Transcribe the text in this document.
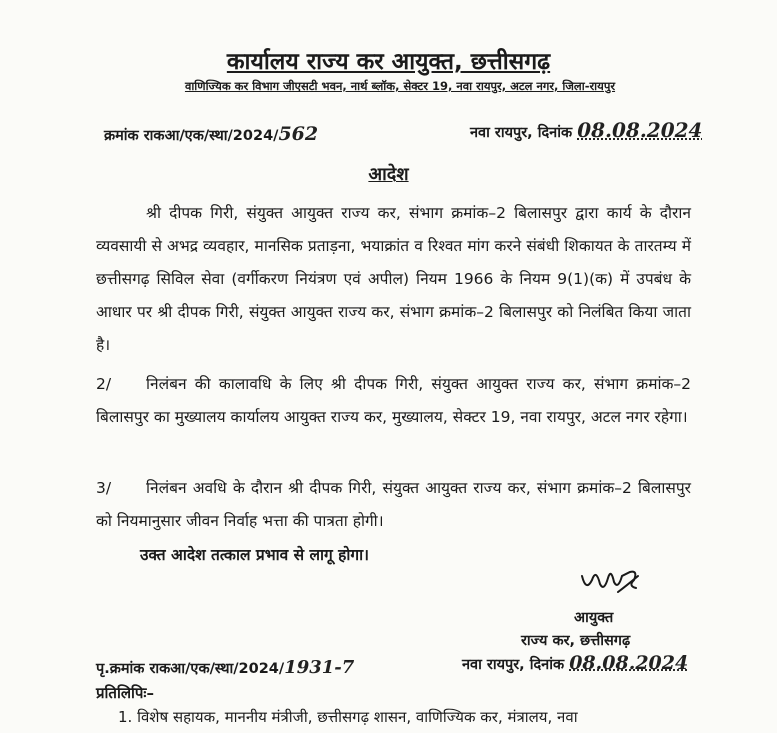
कार्यालय राज्य कर आयुक्त, छत्तीसगढ़
वाणिज्यिक कर विभाग जीएसटी भवन, नार्थ ब्लॉक, सेक्टर 19, नवा रायपुर, अटल नगर, जिला-रायपुर
क्रमांक राकआ/एक/स्था/2024/562	नवा रायपुर, दिनांक 08.08.2024
आदेश
श्री दीपक गिरी, संयुक्त आयुक्त राज्य कर, संभाग क्रमांक–2 बिलासपुर द्वारा कार्य के दौरान व्यवसायी से अभद्र व्यवहार, मानसिक प्रताड़ना, भयाक्रांत व रिश्वत मांग करने संबंधी शिकायत के तारतम्य में छत्तीसगढ़ सिविल सेवा (वर्गीकरण नियंत्रण एवं अपील) नियम 1966 के नियम 9(1)(क) में उपबंध के आधार पर श्री दीपक गिरी, संयुक्त आयुक्त राज्य कर, संभाग क्रमांक–2 बिलासपुर को निलंबित किया जाता है।
2/ निलंबन की कालावधि के लिए श्री दीपक गिरी, संयुक्त आयुक्त राज्य कर, संभाग क्रमांक–2 बिलासपुर का मुख्यालय कार्यालय आयुक्त राज्य कर, मुख्यालय, सेक्टर 19, नवा रायपुर, अटल नगर रहेगा।
3/ निलंबन अवधि के दौरान श्री दीपक गिरी, संयुक्त आयुक्त राज्य कर, संभाग क्रमांक–2 बिलासपुर को नियमानुसार जीवन निर्वाह भत्ता की पात्रता होगी।
उक्त आदेश तत्काल प्रभाव से लागू होगा।
आयुक्त
राज्य कर, छत्तीसगढ़
पृ.क्रमांक राकआ/एक/स्था/2024/1931-7	नवा रायपुर, दिनांक 08.08.2024
प्रतिलिपिः–
1. विशेष सहायक, माननीय मंत्रीजी, छत्तीसगढ़ शासन, वाणिज्यिक कर, मंत्रालय, नवा
